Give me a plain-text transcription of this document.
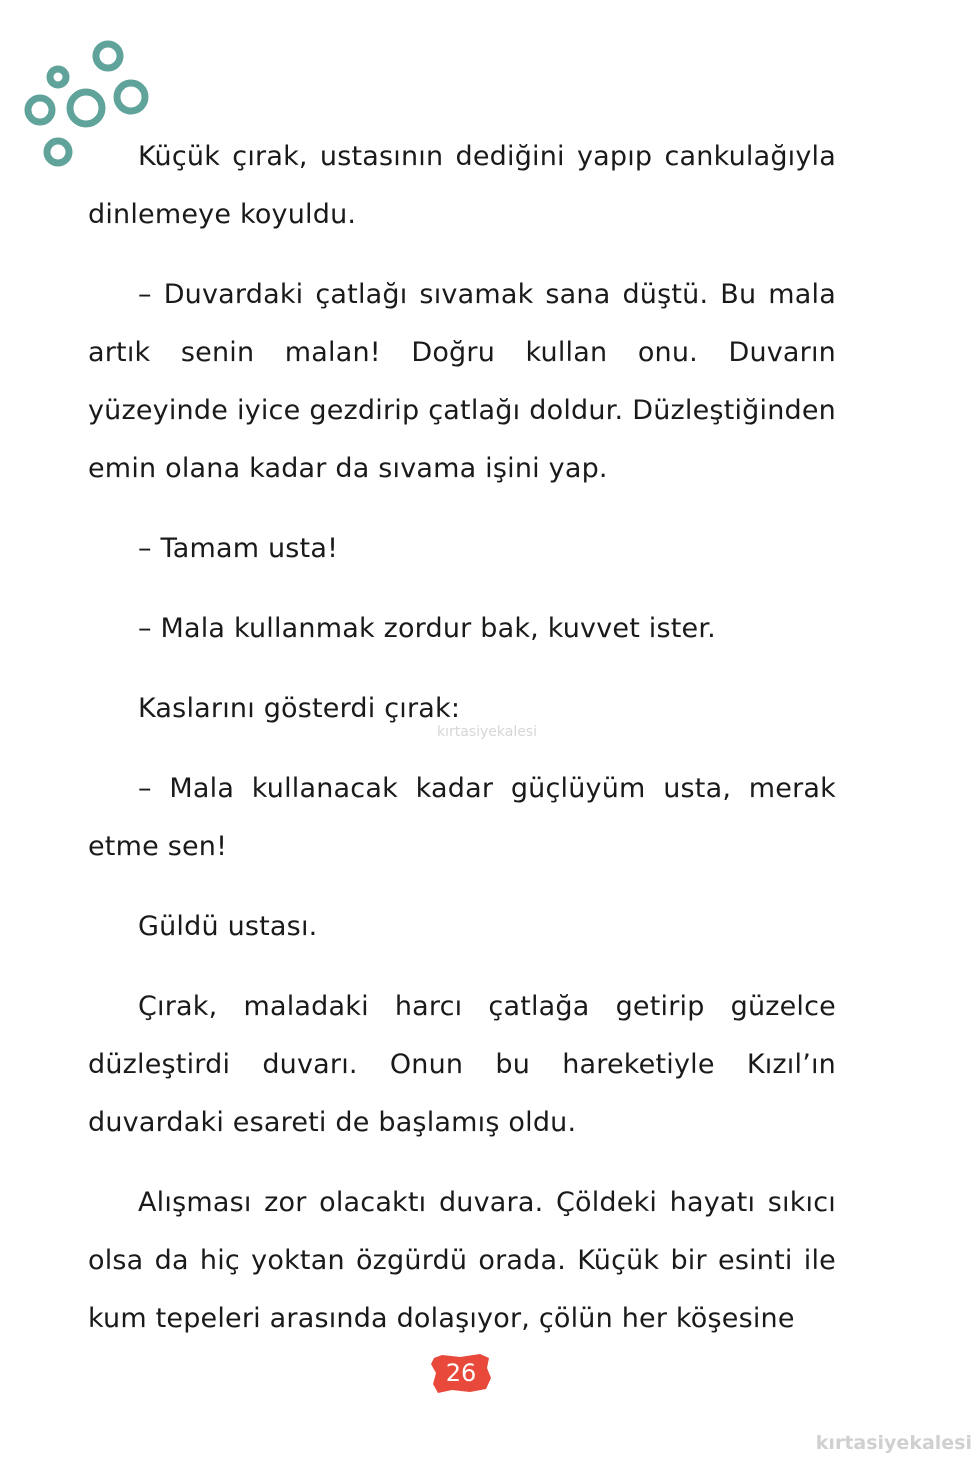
Küçük çırak, ustasının dediğini yapıp cankulağıyla dinlemeye koyuldu.

– Duvardaki çatlağı sıvamak sana düştü. Bu mala artık senin malan! Doğru kullan onu. Duvarın yüzeyinde iyice gezdirip çatlağı doldur. Düzleştiğinden emin olana kadar da sıvama işini yap.

– Tamam usta!

– Mala kullanmak zordur bak, kuvvet ister.

Kaslarını gösterdi çırak:

– Mala kullanacak kadar güçlüyüm usta, merak etme sen!

Güldü ustası.

Çırak, maladaki harcı çatlağa getirip güzelce düzleştirdi duvarı. Onun bu hareketiyle Kızıl’ın duvardaki esareti de başlamış oldu.

Alışması zor olacaktı duvara. Çöldeki hayatı sıkıcı olsa da hiç yoktan özgürdü orada. Küçük bir esinti ile kum tepeleri arasında dolaşıyor, çölün her köşesine

kırtasiyekalesi
26
kırtasiyekalesi
